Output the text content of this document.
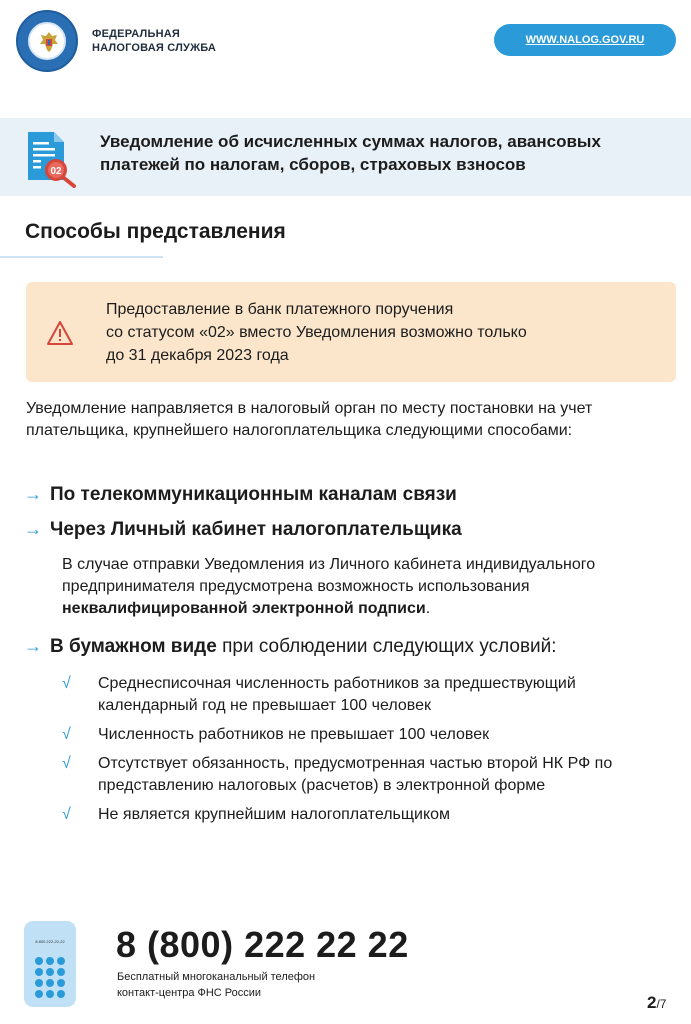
ФЕДЕРАЛЬНАЯ
НАЛОГОВАЯ СЛУЖБА
WWW.NALOG.GOV.RU
02
Уведомление об исчисленных суммах налогов, авансовых платежей по налогам, сборов, страховых взносов
Способы представления
Предоставление в банк платежного поручения
со статусом «02» вместо Уведомления возможно только
до 31 декабря 2023 года
Уведомление направляется в налоговый орган по месту постановки на учет плательщика, крупнейшего налогоплательщика следующими способами:
→ По телекоммуникационным каналам связи
→ Через Личный кабинет налогоплательщика
В случае отправки Уведомления из Личного кабинета индивидуального предпринимателя предусмотрена возможность использования неквалифицированной электронной подписи.
→ В бумажном виде при соблюдении следующих условий:
√ Среднесписочная численность работников за предшествующий календарный год не превышает 100 человек
√ Численность работников не превышает 100 человек
√ Отсутствует обязанность, предусмотренная частью второй НК РФ по представлению налоговых (расчетов) в электронной форме
√ Не является крупнейшим налогоплательщиком
8 800 222-22-22 8 (800) 222 22 22
Бесплатный многоканальный телефон
контакт-центра ФНС России	2/7
